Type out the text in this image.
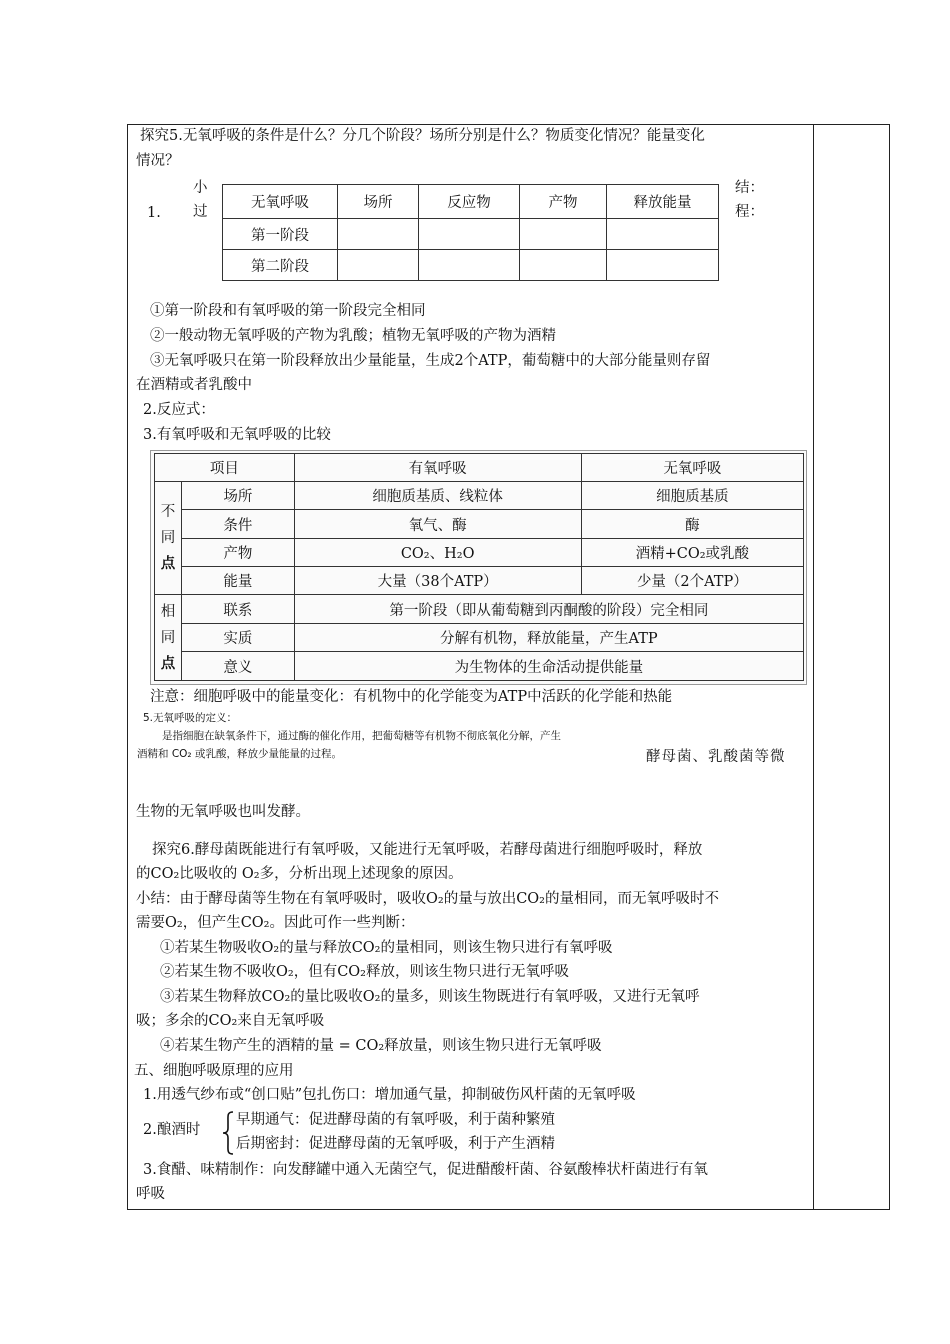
探究5.无氧呼吸的条件是什么？分几个阶段？场所分别是什么？物质变化情况？能量变化
情况？
1.
小
过
结：
程：
无氧呼吸	场所	反应物	产物	释放能量
第一阶段				
第二阶段				
①第一阶段和有氧呼吸的第一阶段完全相同
②一般动物无氧呼吸的产物为乳酸；植物无氧呼吸的产物为酒精
③无氧呼吸只在第一阶段释放出少量能量，生成2个ATP，葡萄糖中的大部分能量则存留
在酒精或者乳酸中
2.反应式：
3.有氧呼吸和无氧呼吸的比较
项目		有氧呼吸	无氧呼吸
不
同
点	场所	细胞质基质、线粒体	细胞质基质
	条件	氧气、酶	酶
	产物	CO₂、H₂O	酒精+CO₂或乳酸
	能量	大量（38个ATP）	少量（2个ATP）
相
同
点	联系	第一阶段（即从葡萄糖到丙酮酸的阶段）完全相同	
	实质	分解有机物，释放能量，产生ATP	
	意义	为生物体的生命活动提供能量	
注意：细胞呼吸中的能量变化：有机物中的化学能变为ATP中活跃的化学能和热能
5.无氧呼吸的定义：
是指细胞在缺氧条件下，通过酶的催化作用，把葡萄糖等有机物不彻底氧化分解，产生
酒精和 CO₂ 或乳酸，释放少量能量的过程。	酵母菌、乳酸菌等微
生物的无氧呼吸也叫发酵。
探究6.酵母菌既能进行有氧呼吸，又能进行无氧呼吸，若酵母菌进行细胞呼吸时，释放
的CO₂比吸收的 O₂多，分析出现上述现象的原因。
小结：由于酵母菌等生物在有氧呼吸时，吸收O₂的量与放出CO₂的量相同，而无氧呼吸时不
需要O₂，但产生CO₂。因此可作一些判断：
①若某生物吸收O₂的量与释放CO₂的量相同，则该生物只进行有氧呼吸
②若某生物不吸收O₂，但有CO₂释放，则该生物只进行无氧呼吸
③若某生物释放CO₂的量比吸收O₂的量多，则该生物既进行有氧呼吸，又进行无氧呼
吸；多余的CO₂来自无氧呼吸
④若某生物产生的酒精的量 = CO₂释放量，则该生物只进行无氧呼吸
五、细胞呼吸原理的应用
1.用透气纱布或“创口贴”包扎伤口：增加通气量，抑制破伤风杆菌的无氧呼吸
2.酿酒时
早期通气：促进酵母菌的有氧呼吸，利于菌种繁殖
后期密封：促进酵母菌的无氧呼吸，利于产生酒精
3.食醋、味精制作：向发酵罐中通入无菌空气，促进醋酸杆菌、谷氨酸棒状杆菌进行有氧
呼吸
